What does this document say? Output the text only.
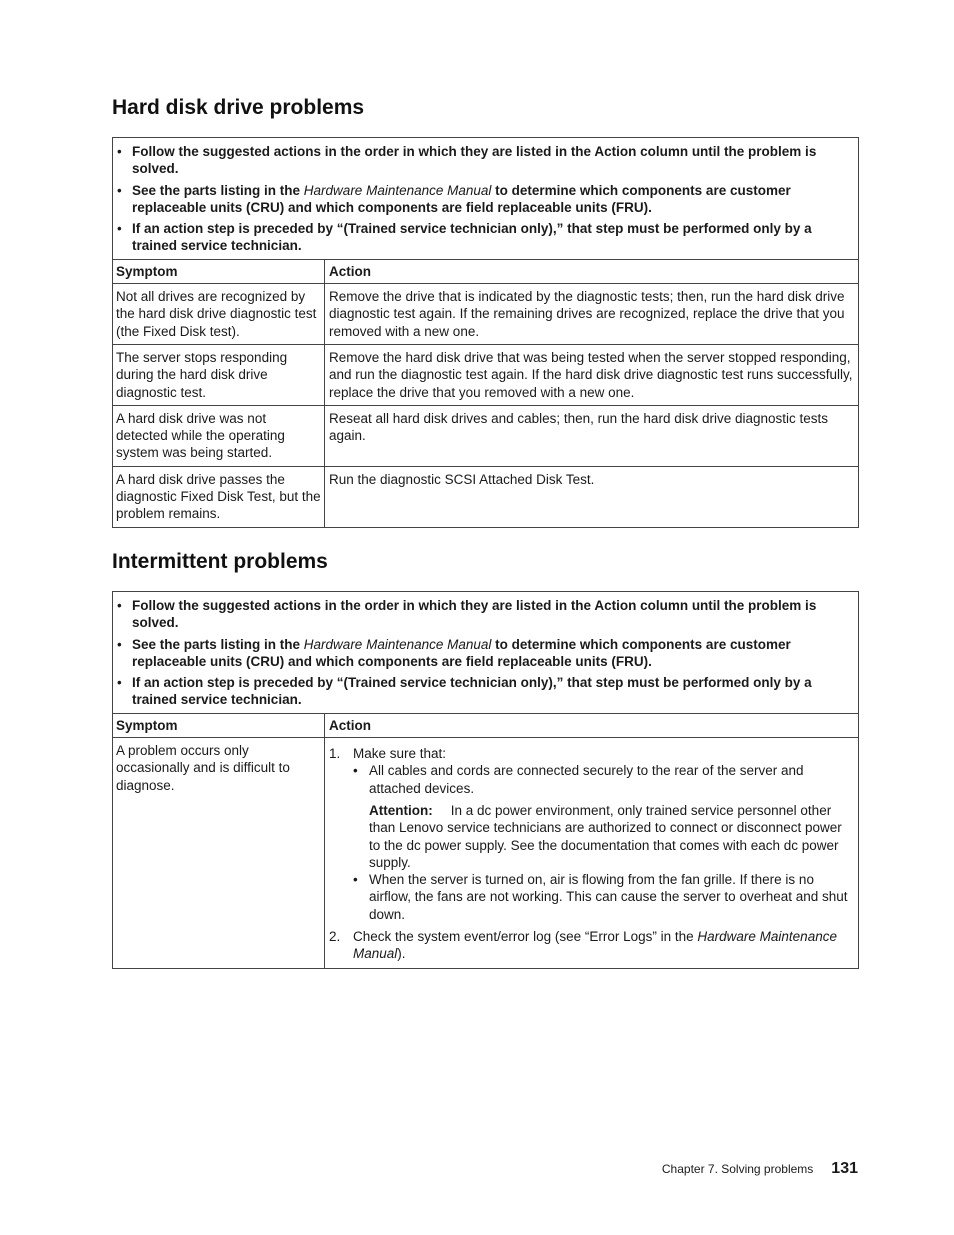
Hard disk drive problems
• Follow the suggested actions in the order in which they are listed in the Action column until the problem is solved.
• See the parts listing in the Hardware Maintenance Manual to determine which components are customer replaceable units (CRU) and which components are field replaceable units (FRU).
• If an action step is preceded by “(Trained service technician only),” that step must be performed only by a trained service technician.
Symptom	Action
Not all drives are recognized by the hard disk drive diagnostic test (the Fixed Disk test).
Remove the drive that is indicated by the diagnostic tests; then, run the hard disk drive diagnostic test again. If the remaining drives are recognized, replace the drive that you removed with a new one.
The server stops responding during the hard disk drive diagnostic test.
Remove the hard disk drive that was being tested when the server stopped responding, and run the diagnostic test again. If the hard disk drive diagnostic test runs successfully, replace the drive that you removed with a new one.
A hard disk drive was not detected while the operating system was being started.
Reseat all hard disk drives and cables; then, run the hard disk drive diagnostic tests again.
A hard disk drive passes the diagnostic Fixed Disk Test, but the problem remains.
Run the diagnostic SCSI Attached Disk Test.
Intermittent problems
• Follow the suggested actions in the order in which they are listed in the Action column until the problem is solved.
• See the parts listing in the Hardware Maintenance Manual to determine which components are customer replaceable units (CRU) and which components are field replaceable units (FRU).
• If an action step is preceded by “(Trained service technician only),” that step must be performed only by a trained service technician.
Symptom	Action
A problem occurs only occasionally and is difficult to diagnose.
1. Make sure that:
• All cables and cords are connected securely to the rear of the server and attached devices.
Attention: In a dc power environment, only trained service personnel other than Lenovo service technicians are authorized to connect or disconnect power to the dc power supply. See the documentation that comes with each dc power supply.
• When the server is turned on, air is flowing from the fan grille. If there is no airflow, the fans are not working. This can cause the server to overheat and shut down.
2. Check the system event/error log (see “Error Logs” in the Hardware Maintenance Manual).
Chapter 7. Solving problems 131
